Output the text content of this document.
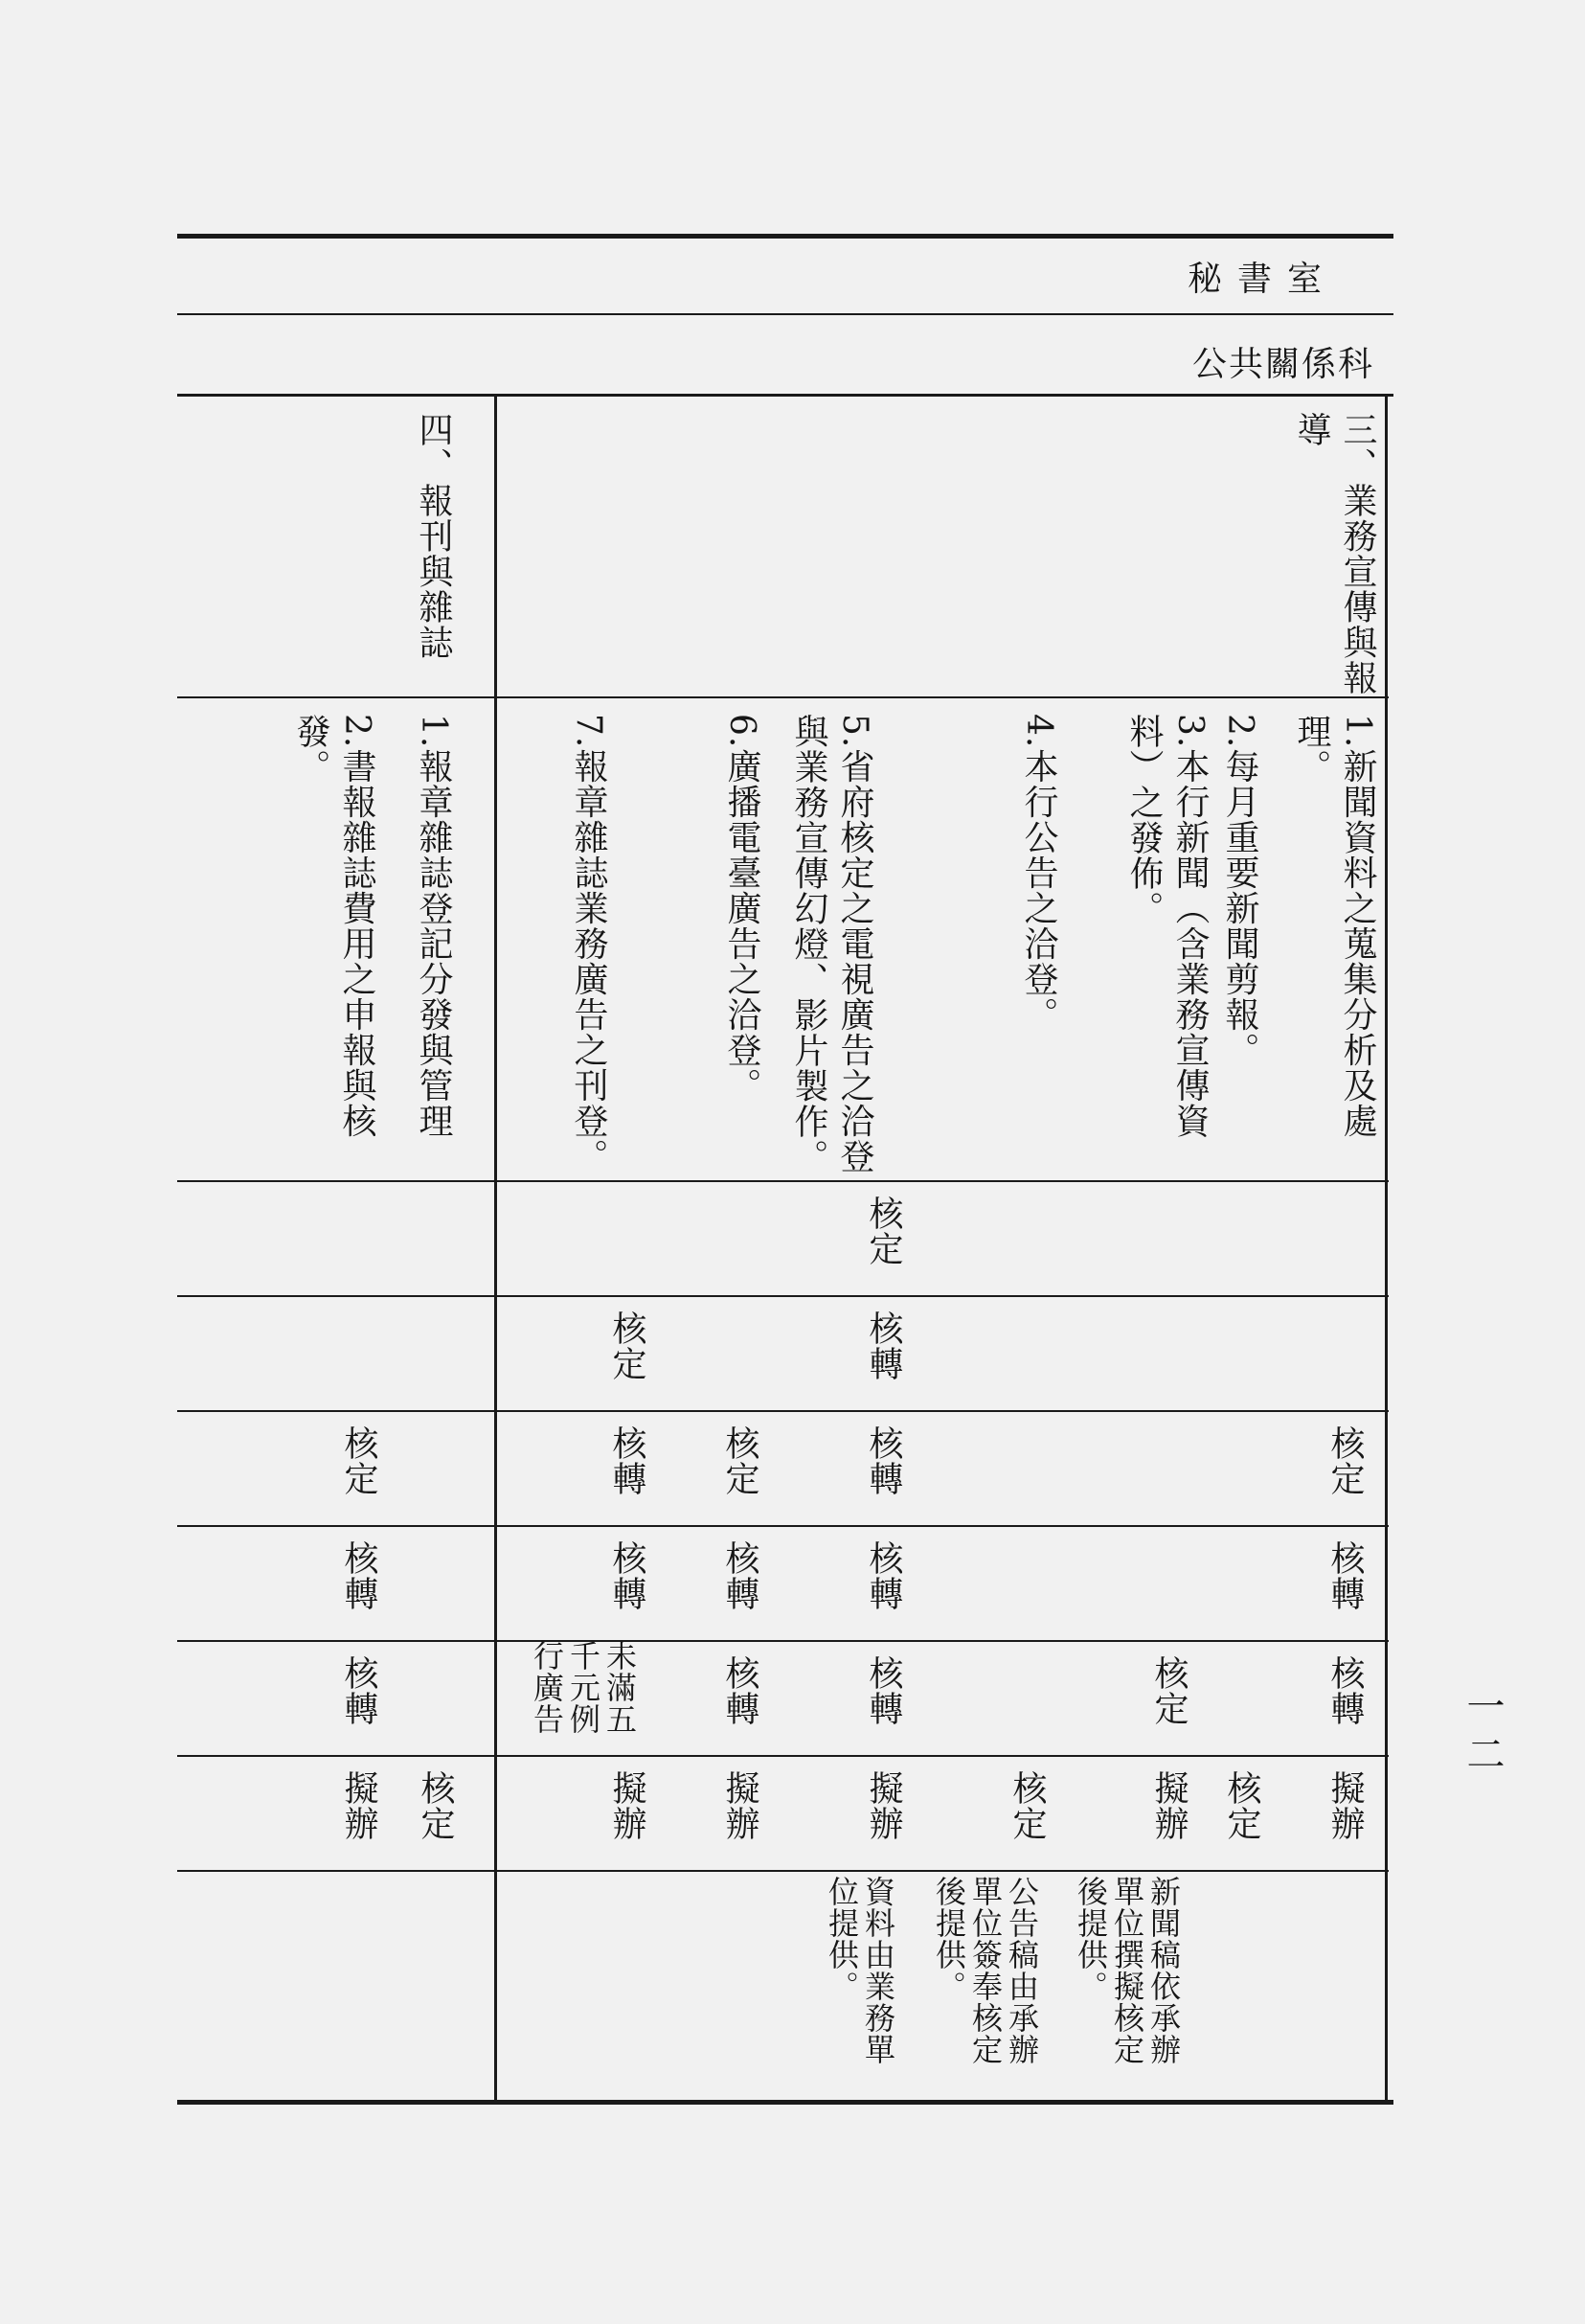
秘書室
公共關係科
三、業務宣傳與報導
四、報刊與雜誌
1.新聞資料之蒐集分析及處理。
2.每月重要新聞剪報。
3.本行新聞（含業務宣傳資料）之發佈。
4.本行公告之洽登。
5.省府核定之電視廣告之洽登與業務宣傳幻燈、影片製作。
6.廣播電臺廣告之洽登。
7.報章雜誌業務廣告之刊登。
1.報章雜誌登記分發與管理
2.書報雜誌費用之申報與核發。
核定
核轉
核定
核定
核轉
核定
核轉
核定
核轉
核轉
核轉
核轉
核轉
核轉
核定
核轉
核轉
未滿五千元例行廣告
核轉
擬辦
核定
擬辦
核定
擬辦
擬辦
擬辦
核定
擬辦
新聞稿依承辦單位撰擬核定後提供。
公告稿由承辦單位簽奉核定後提供。
資料由業務單位提供。
一二
